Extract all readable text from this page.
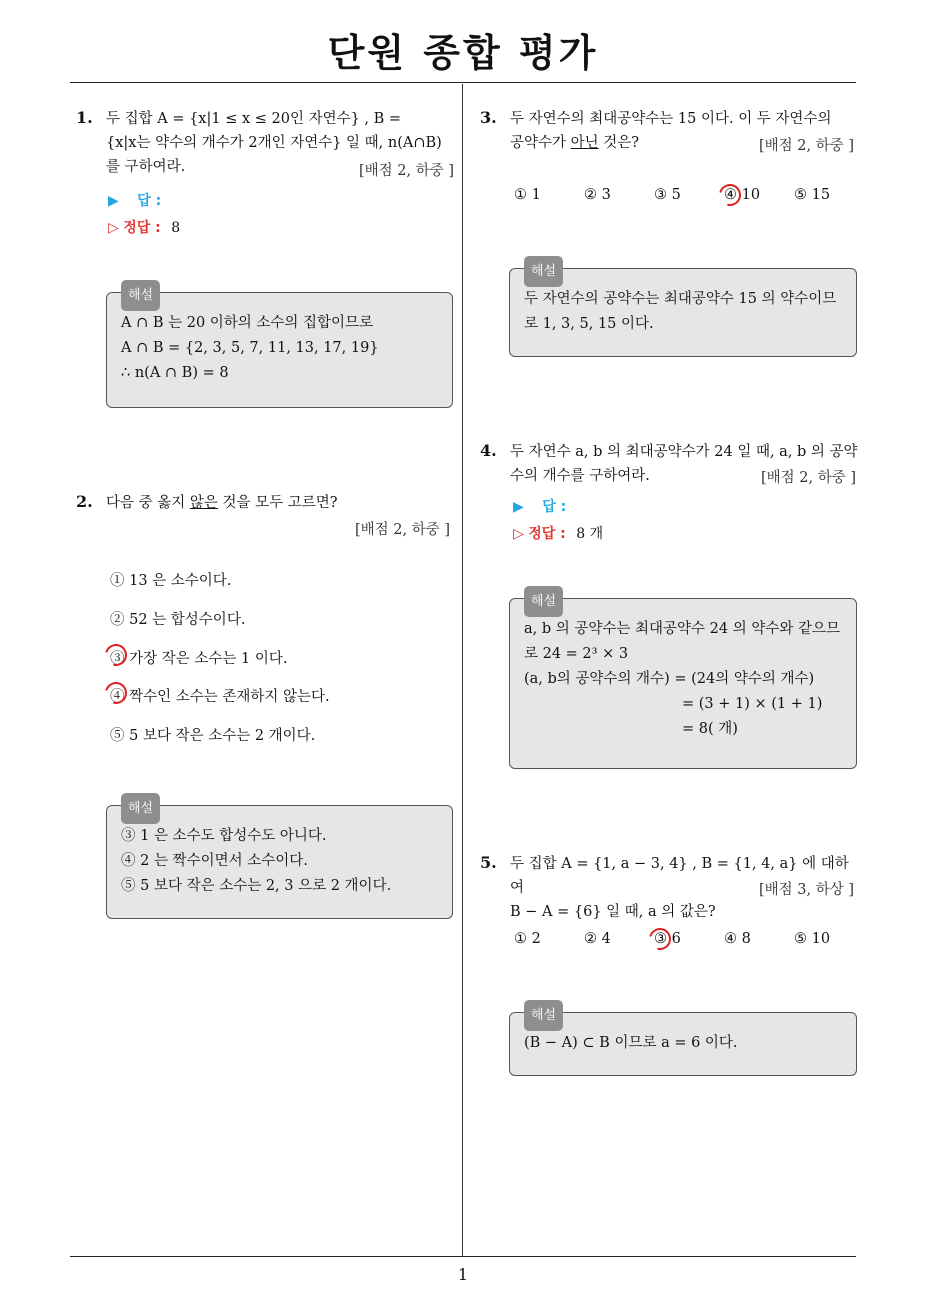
단원 종합 평가
1
1. 두 집합 A = {x|1 ≤ x ≤ 20인 자연수} , B =
{x|x는 약수의 개수가 2개인 자연수} 일 때, n(A∩B)
를 구하여라.	[배점 2, 하중 ]
▶ 답 :
▷ 정답 : 8
해설
A ∩ B 는 20 이하의 소수의 집합이므로
A ∩ B = {2, 3, 5, 7, 11, 13, 17, 19}
∴ n(A ∩ B) = 8
2. 다음 중 옳지 않은 것을 모두 고르면?
[배점 2, 하중 ]
① 13 은 소수이다.
② 52 는 합성수이다.
③ 가장 작은 소수는 1 이다.
④ 짝수인 소수는 존재하지 않는다.
⑤ 5 보다 작은 소수는 2 개이다.
해설
③ 1 은 소수도 합성수도 아니다.
④ 2 는 짝수이면서 소수이다.
⑤ 5 보다 작은 소수는 2, 3 으로 2 개이다.
3. 두 자연수의 최대공약수는 15 이다. 이 두 자연수의
공약수가 아닌 것은?	[배점 2, 하중 ]
① 1	② 3	③ 5	④ 10 ⑤ 15
해설
두 자연수의 공약수는 최대공약수 15 의 약수이므
로 1, 3, 5, 15 이다.
4. 두 자연수 a, b 의 최대공약수가 24 일 때, a, b 의 공약
수의 개수를 구하여라.	[배점 2, 하중 ]
▶ 답 :
▷ 정답 : 8 개
해설
a, b 의 공약수는 최대공약수 24 의 약수와 같으므
로 24 = 2³ × 3
(a, b의 공약수의 개수) = (24의 약수의 개수)
= (3 + 1) × (1 + 1)
= 8( 개)
5. 두 집합 A = {1, a − 3, 4} , B = {1, 4, a} 에 대하여
B − A = {6} 일 때, a 의 값은?
[배점 3, 하상 ]
① 2	② 4	③ 6	④ 8	⑤ 10
해설
(B − A) ⊂ B 이므로 a = 6 이다.
